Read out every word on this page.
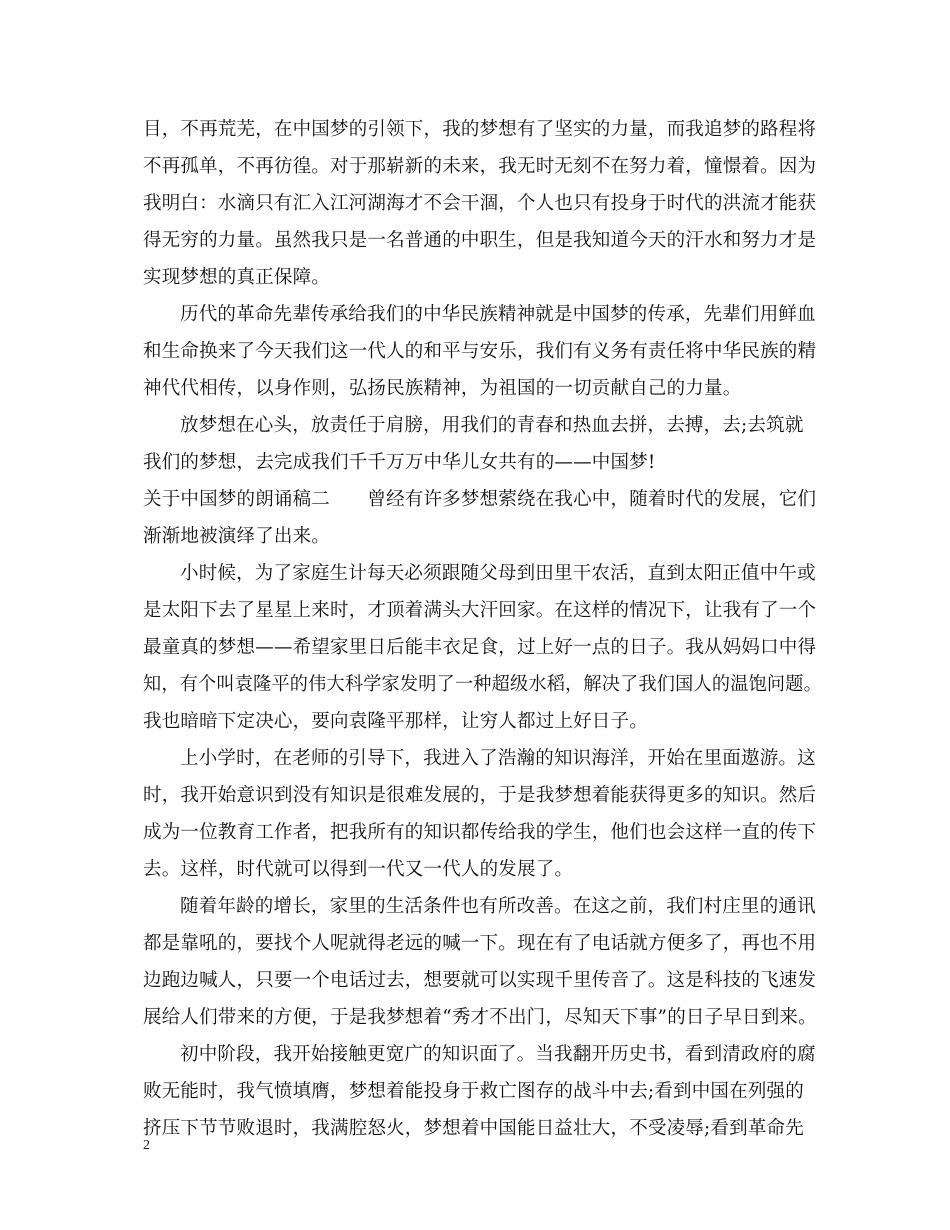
目，不再荒芜，在中国梦的引领下，我的梦想有了坚实的力量，而我追梦的路程将
不再孤单，不再彷徨。对于那崭新的未来，我无时无刻不在努力着，憧憬着。因为
我明白：水滴只有汇入江河湖海才不会干涸，个人也只有投身于时代的洪流才能获
得无穷的力量。虽然我只是一名普通的中职生，但是我知道今天的汗水和努力才是
实现梦想的真正保障。
历代的革命先辈传承给我们的中华民族精神就是中国梦的传承，先辈们用鲜血
和生命换来了今天我们这一代人的和平与安乐，我们有义务有责任将中华民族的精
神代代相传，以身作则，弘扬民族精神，为祖国的一切贡献自己的力量。
放梦想在心头，放责任于肩膀，用我们的青春和热血去拼，去搏，去;去筑就
我们的梦想，去完成我们千千万万中华儿女共有的——中国梦!
关于中国梦的朗诵稿二　　曾经有许多梦想萦绕在我心中，随着时代的发展，它们
渐渐地被演绎了出来。
小时候，为了家庭生计每天必须跟随父母到田里干农活，直到太阳正值中午或
是太阳下去了星星上来时，才顶着满头大汗回家。在这样的情况下，让我有了一个
最童真的梦想——希望家里日后能丰衣足食，过上好一点的日子。我从妈妈口中得
知，有个叫袁隆平的伟大科学家发明了一种超级水稻，解决了我们国人的温饱问题。
我也暗暗下定决心，要向袁隆平那样，让穷人都过上好日子。
上小学时，在老师的引导下，我进入了浩瀚的知识海洋，开始在里面遨游。这
时，我开始意识到没有知识是很难发展的，于是我梦想着能获得更多的知识。然后
成为一位教育工作者，把我所有的知识都传给我的学生，他们也会这样一直的传下
去。这样，时代就可以得到一代又一代人的发展了。
随着年龄的增长，家里的生活条件也有所改善。在这之前，我们村庄里的通讯
都是靠吼的，要找个人呢就得老远的喊一下。现在有了电话就方便多了，再也不用
边跑边喊人，只要一个电话过去，想要就可以实现千里传音了。这是科技的飞速发
展给人们带来的方便，于是我梦想着“秀才不出门，尽知天下事”的日子早日到来。
初中阶段，我开始接触更宽广的知识面了。当我翻开历史书，看到清政府的腐
败无能时，我气愤填膺，梦想着能投身于救亡图存的战斗中去;看到中国在列强的
挤压下节节败退时，我满腔怒火，梦想着中国能日益壮大，不受凌辱;看到革命先
2
